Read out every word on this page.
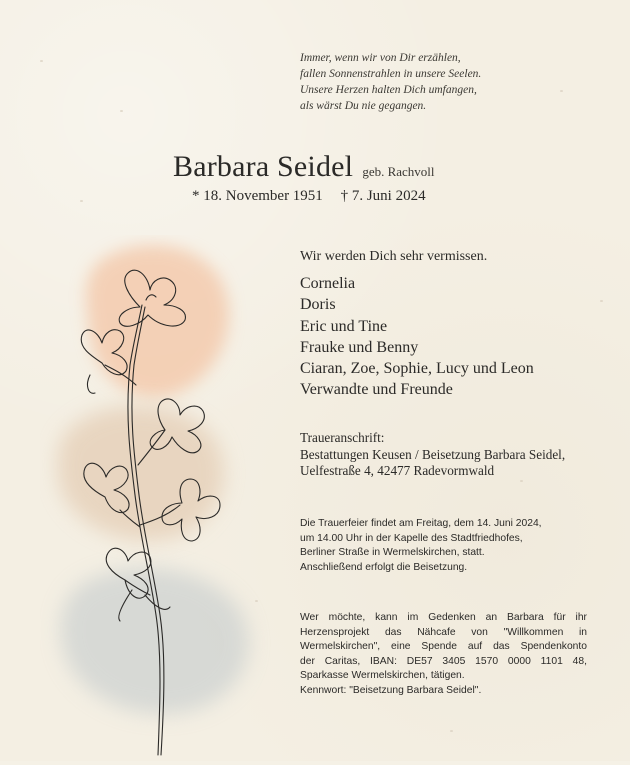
Immer, wenn wir von Dir erzählen,
fallen Sonnenstrahlen in unsere Seelen.
Unsere Herzen halten Dich umfangen,
als wärst Du nie gegangen.
Barbara Seidel geb. Rachvoll
* 18. November 1951 † 7. Juni 2024
Wir werden Dich sehr vermissen.
Cornelia
Doris
Eric und Tine
Frauke und Benny
Ciaran, Zoe, Sophie, Lucy und Leon
Verwandte und Freunde
Traueranschrift:
Bestattungen Keusen / Beisetzung Barbara Seidel,
Uelfestraße 4, 42477 Radevormwald
Die Trauerfeier findet am Freitag, dem 14. Juni 2024,
um 14.00 Uhr in der Kapelle des Stadtfriedhofes,
Berliner Straße in Wermelskirchen, statt.
Anschließend erfolgt die Beisetzung.
Wer möchte, kann im Gedenken an Barbara für ihr
Herzensprojekt das Nähcafe von "Willkommen in
Wermelskirchen", eine Spende auf das Spendenkonto
der Caritas, IBAN: DE57 3405 1570 0000 1101 48,
Sparkasse Wermelskirchen, tätigen.
Kennwort: "Beisetzung Barbara Seidel".
